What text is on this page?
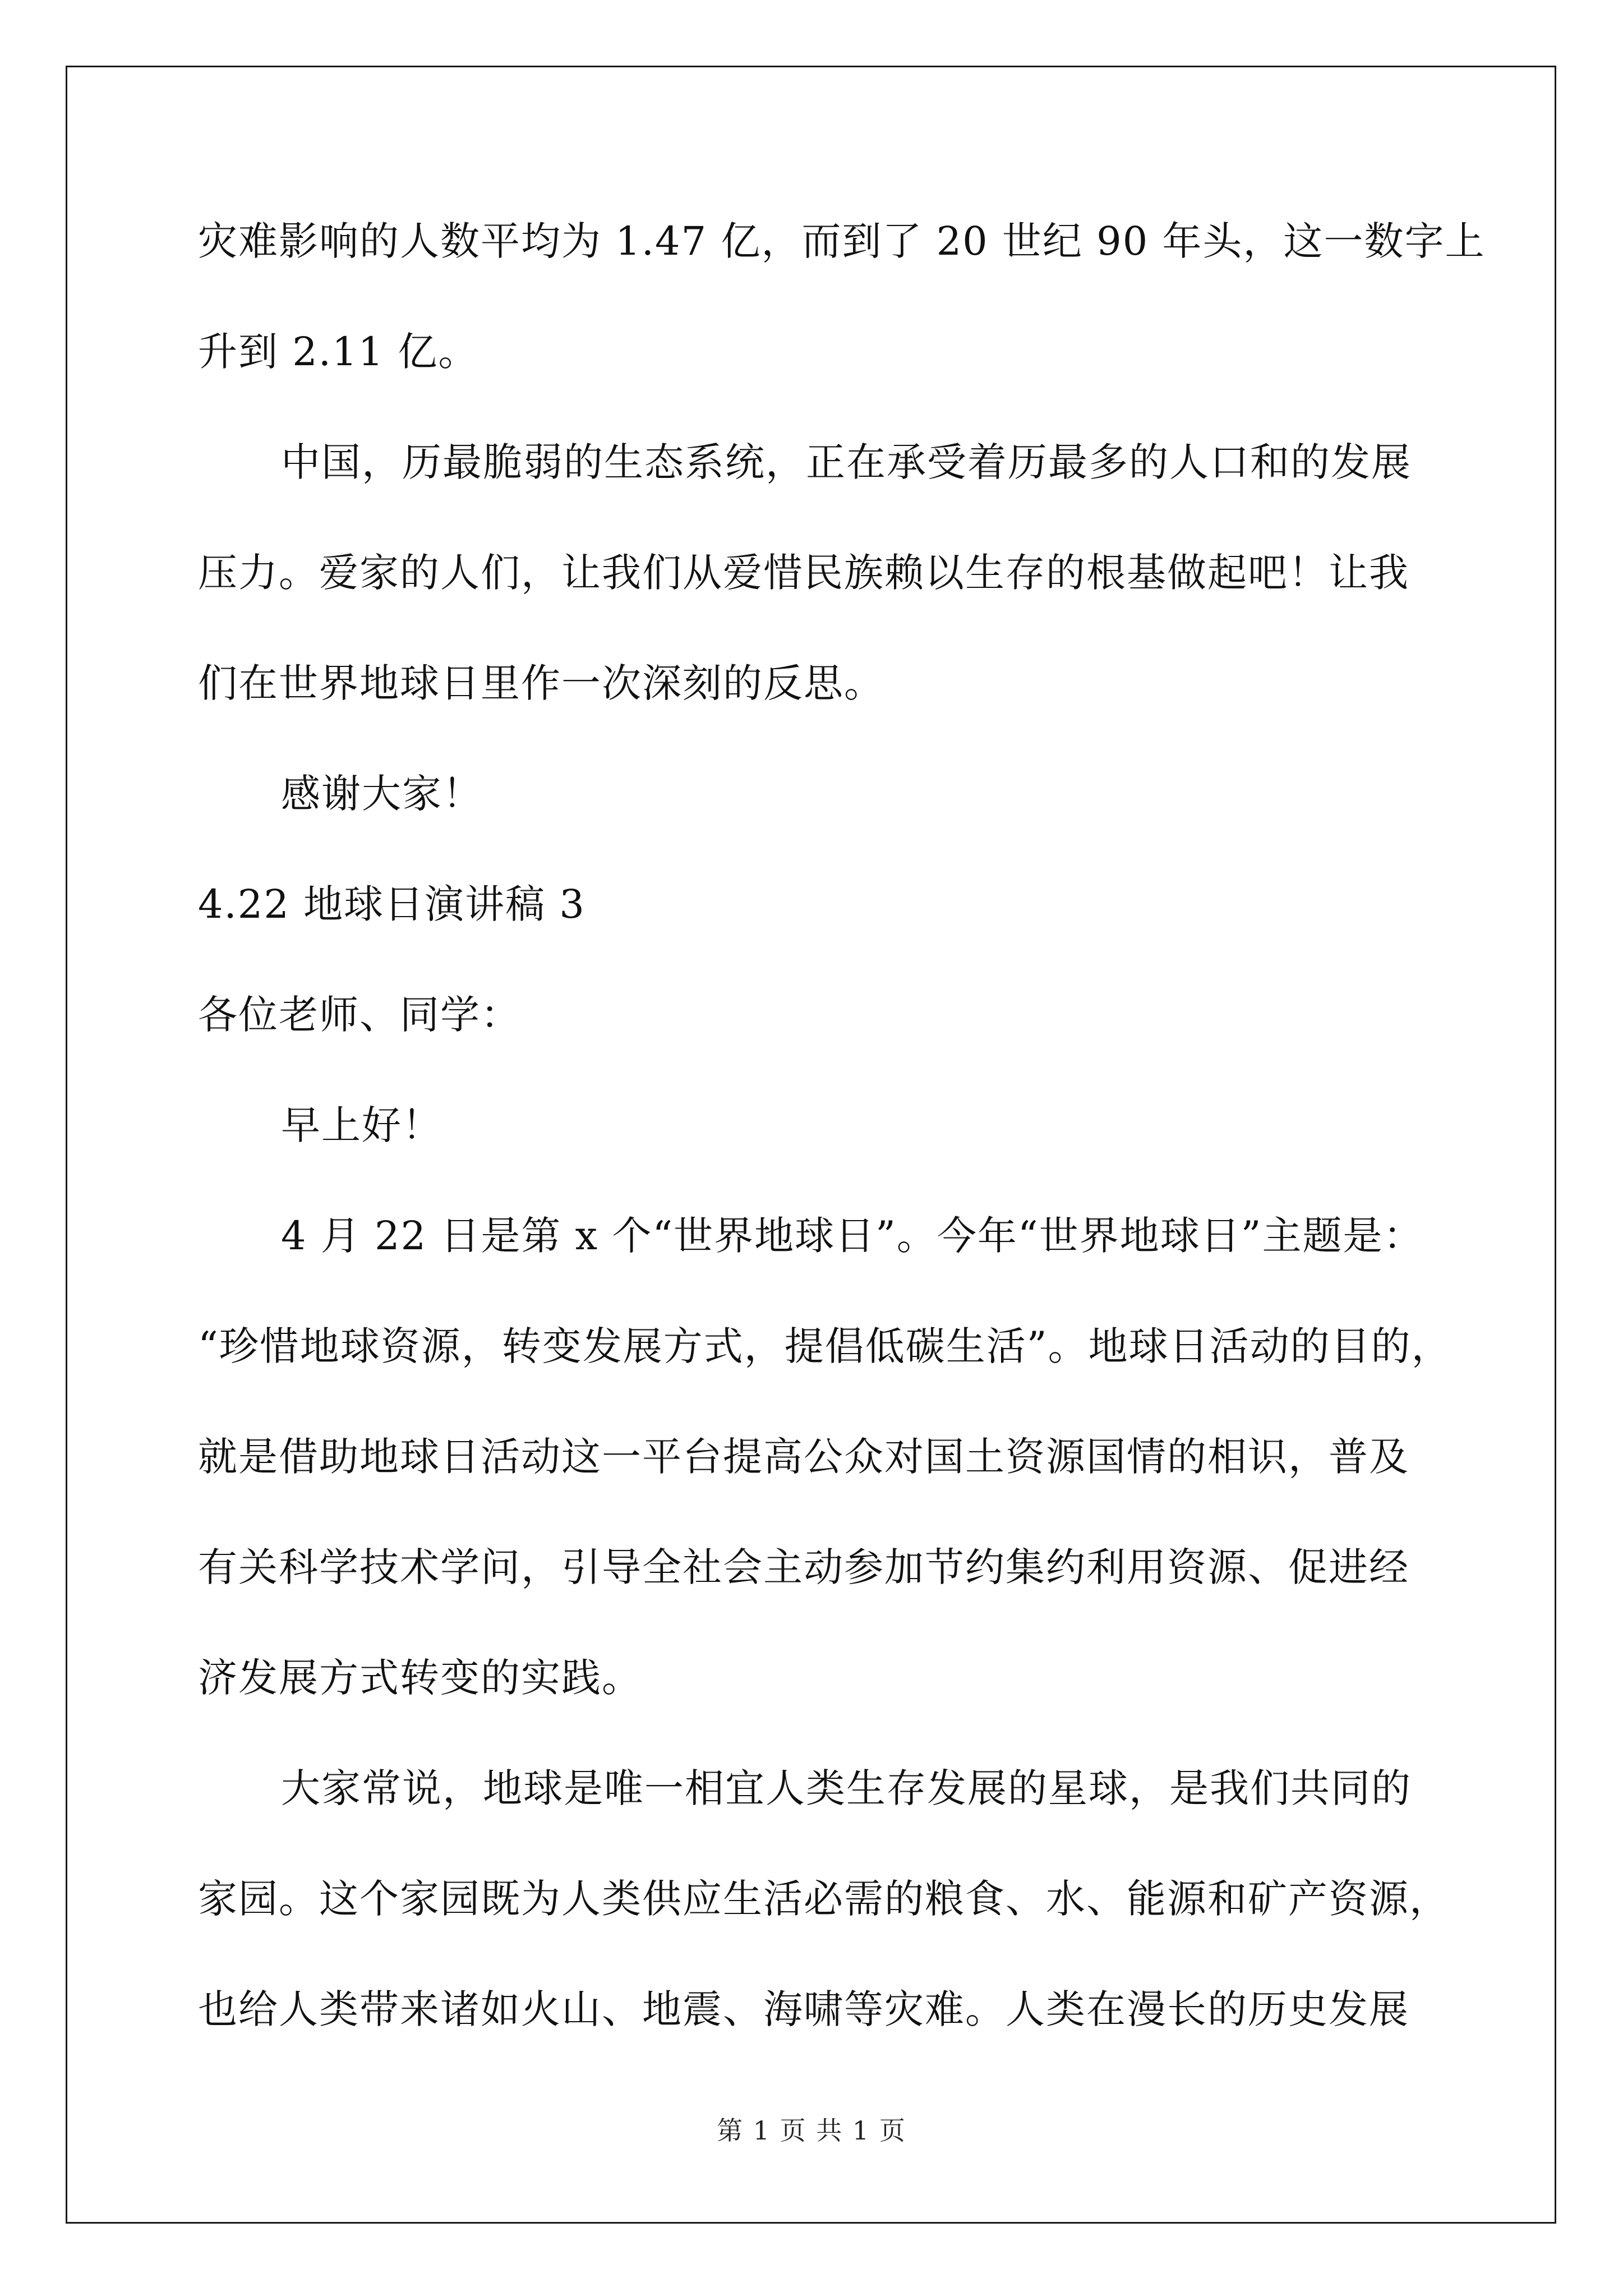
灾难影响的人数平均为 1.47 亿，而到了 20 世纪 90 年头，这一数字上
升到 2.11 亿。
中国，历最脆弱的生态系统，正在承受着历最多的人口和的发展
压力。爱家的人们，让我们从爱惜民族赖以生存的根基做起吧！让我
们在世界地球日里作一次深刻的反思。
感谢大家！
4.22 地球日演讲稿 3
各位老师、同学：
早上好！
4 月 22 日是第 x 个“世界地球日”。今年“世界地球日”主题是：
“珍惜地球资源，转变发展方式，提倡低碳生活”。地球日活动的目的，
就是借助地球日活动这一平台提高公众对国土资源国情的相识，普及
有关科学技术学问，引导全社会主动参加节约集约利用资源、促进经
济发展方式转变的实践。
大家常说，地球是唯一相宜人类生存发展的星球，是我们共同的
家园。这个家园既为人类供应生活必需的粮食、水、能源和矿产资源，
也给人类带来诸如火山、地震、海啸等灾难。人类在漫长的历史发展
第 1 页 共 1 页
